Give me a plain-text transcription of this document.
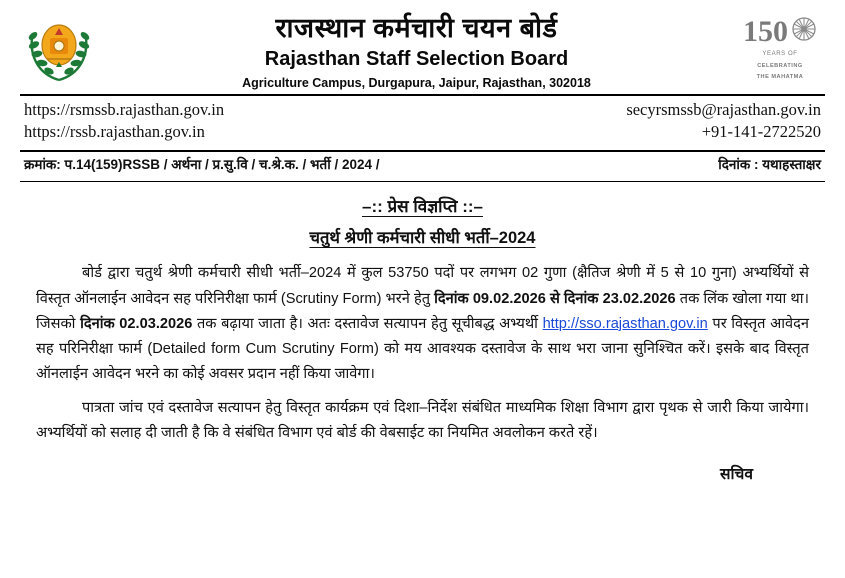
राजस्थान कर्मचारी चयन बोर्ड
Rajasthan Staff Selection Board
Agriculture Campus, Durgapura, Jaipur, Rajasthan, 302018
150
YEARS OF
CELEBRATING
THE MAHATMA
https://rsmssb.rajasthan.gov.in
https://rssb.rajasthan.gov.in
secyrsmssb@rajasthan.gov.in
+91-141-2722520
क्रमांक: प.14(159)RSSB / अर्थना / प्र.सु.वि / च.श्रे.क. / भर्ती / 2024 /	दिनांक : यथाहस्ताक्षर
–:: प्रेस विज्ञप्ति ::–
चतुर्थ श्रेणी कर्मचारी सीधी भर्ती–2024
बोर्ड द्वारा चतुर्थ श्रेणी कर्मचारी सीधी भर्ती–2024 में कुल 53750 पदों पर लगभग 02 गुणा (क्षैतिज श्रेणी में 5 से 10 गुना) अभ्यर्थियों से विस्तृत ऑनलाईन आवेदन सह परिनिरीक्षा फार्म (Scrutiny Form) भरने हेतु दिनांक 09.02.2026 से दिनांक 23.02.2026 तक लिंक खोला गया था। जिसको दिनांक 02.03.2026 तक बढ़ाया जाता है। अतः दस्तावेज सत्यापन हेतु सूचीबद्ध अभ्यर्थी http://sso.rajasthan.gov.in पर विस्तृत आवेदन सह परिनिरीक्षा फार्म (Detailed form Cum Scrutiny Form) को मय आवश्यक दस्तावेज के साथ भरा जाना सुनिश्चित करें। इसके बाद विस्तृत ऑनलाईन आवेदन भरने का कोई अवसर प्रदान नहीं किया जावेगा।
पात्रता जांच एवं दस्तावेज सत्यापन हेतु विस्तृत कार्यक्रम एवं दिशा–निर्देश संबंधित माध्यमिक शिक्षा विभाग द्वारा पृथक से जारी किया जायेगा। अभ्यर्थियों को सलाह दी जाती है कि वे संबंधित विभाग एवं बोर्ड की वेबसाईट का नियमित अवलोकन करते रहें।
सचिव
